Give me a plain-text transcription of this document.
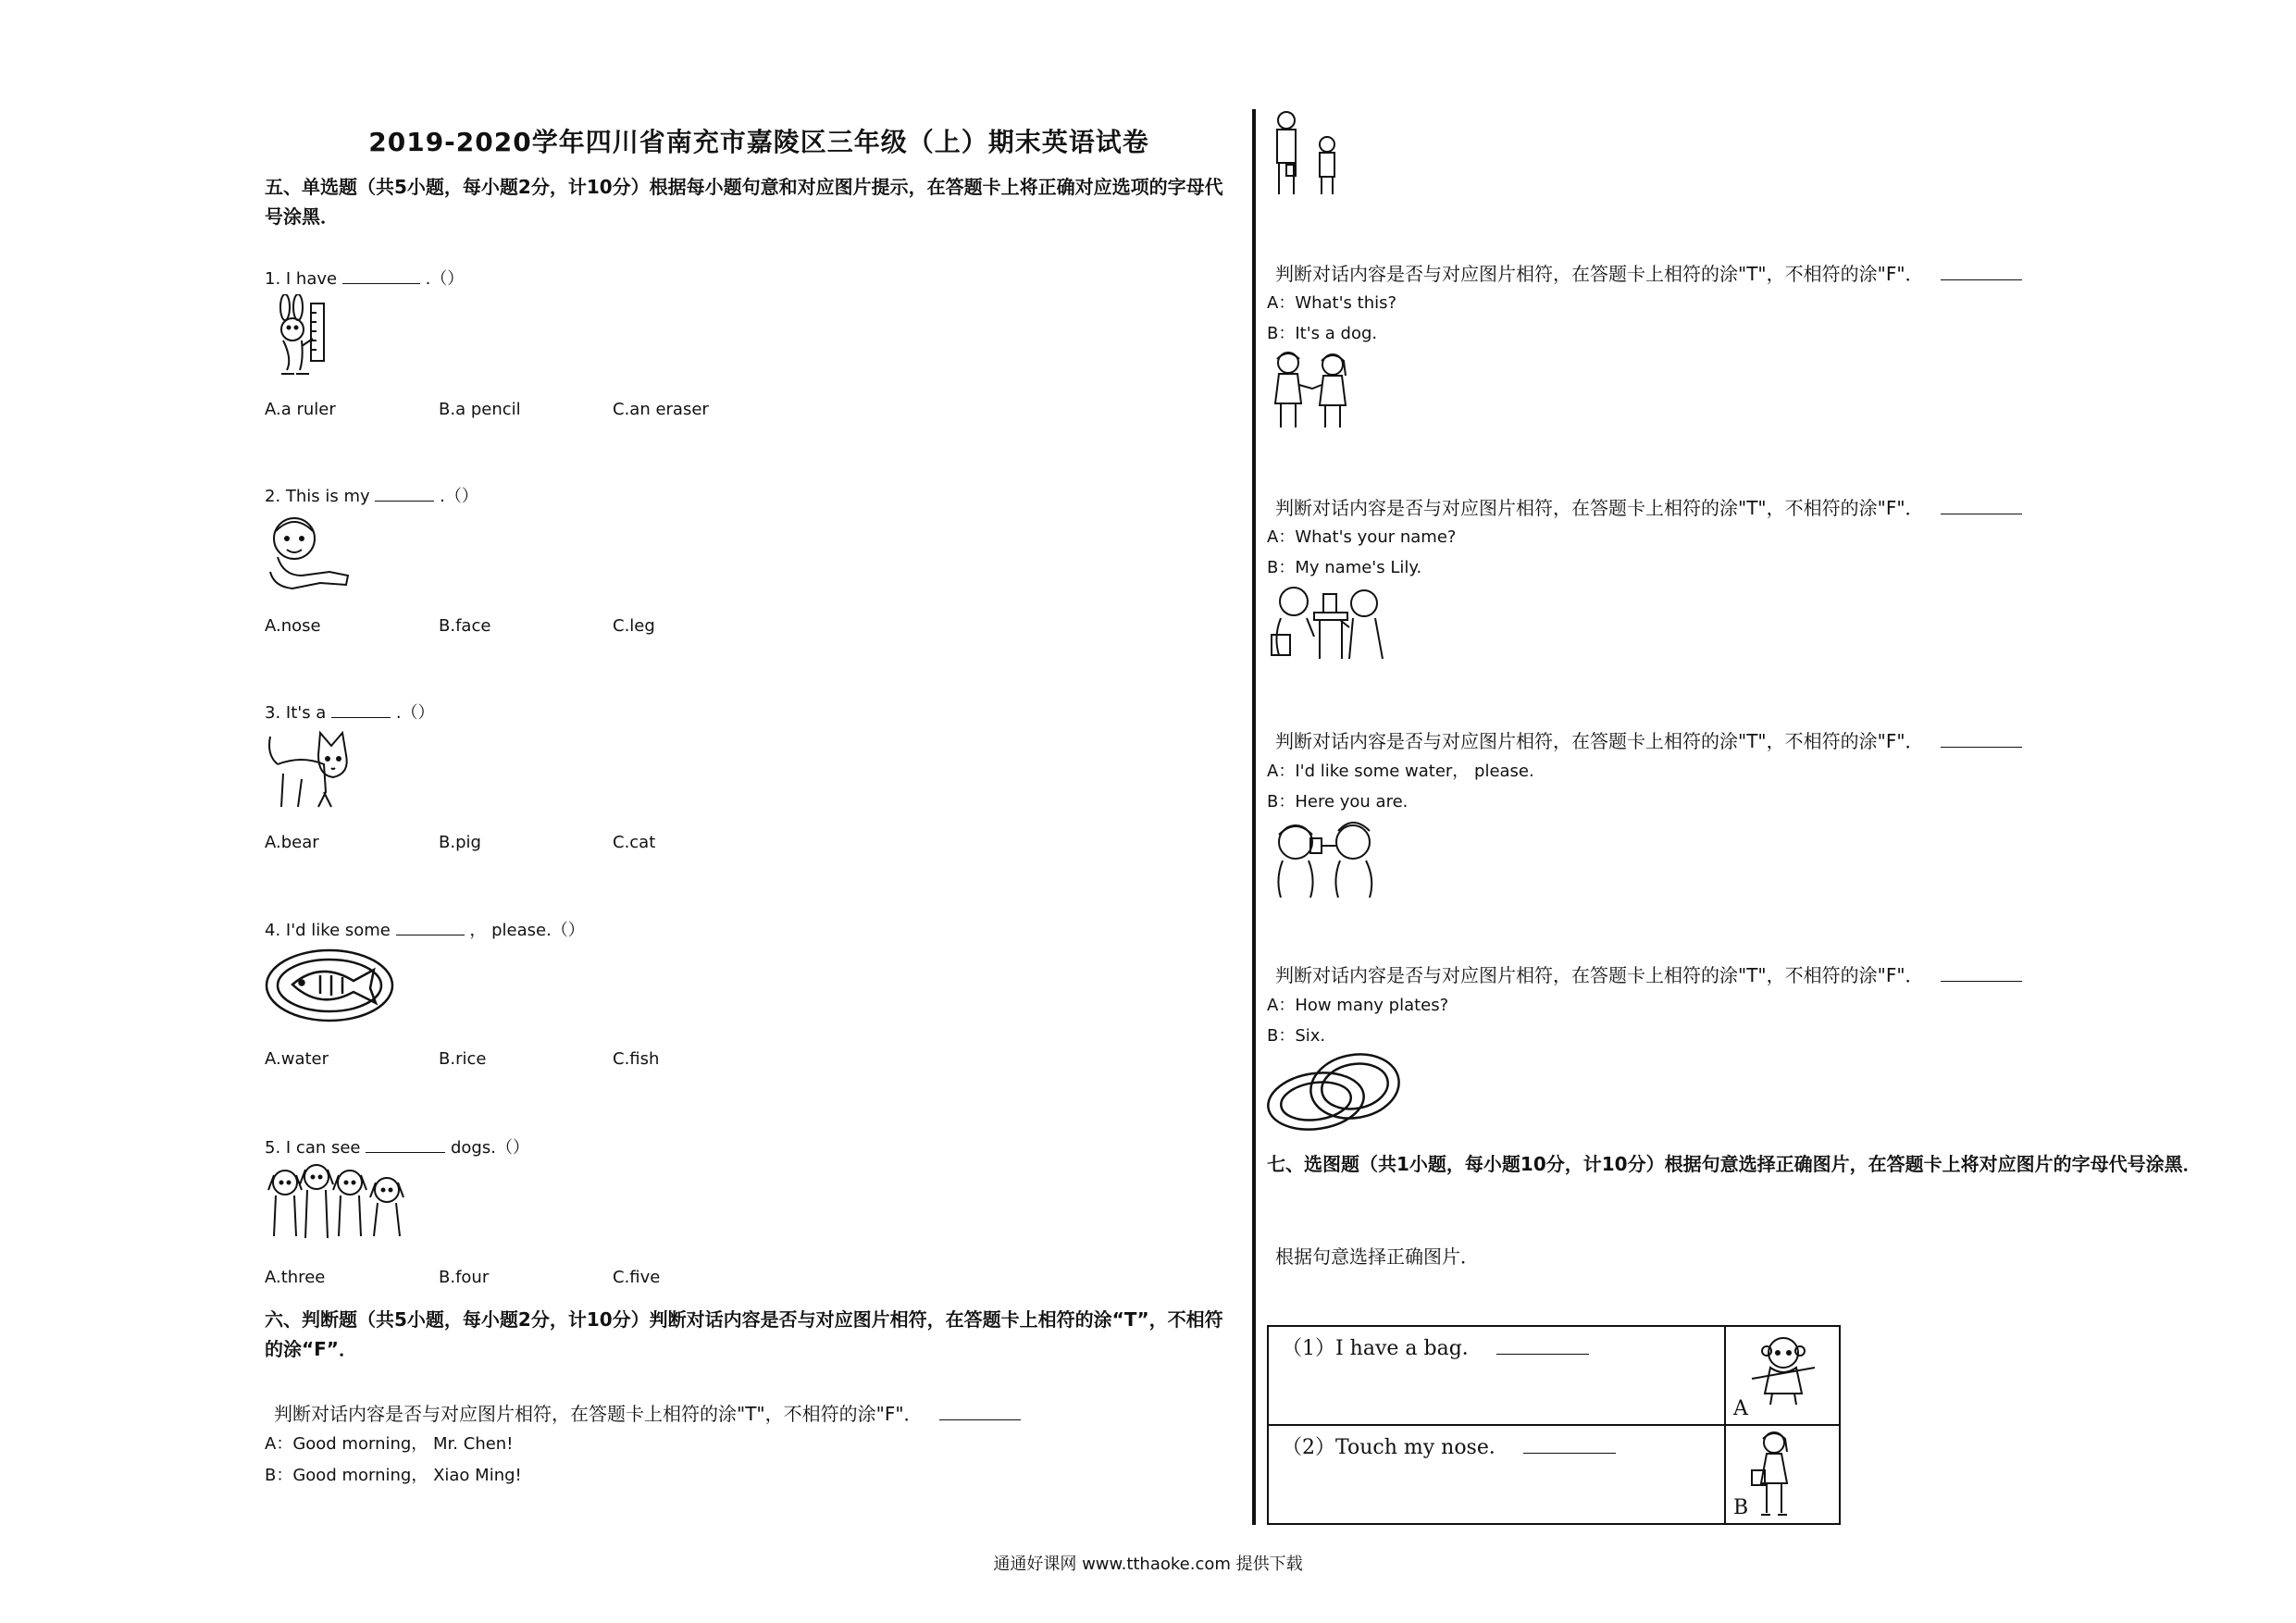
2019-2020学年四川省南充市嘉陵区三年级（上）期末英语试卷
五、单选题（共5小题，每小题2分，计10分）根据每小题句意和对应图片提示，在答题卡上将正确对应选项的字母代号涂黑．
1. I have	.（）
A.a ruler	B.a pencil	C.an eraser
2. This is my	.（）
A.nose	B.face	C.leg
3. It's a	.（）
A.bear	B.pig	C.cat
4. I'd like some	， please.（）
A.water	B.rice	C.fish
5. I can see	dogs.（）
A.three	B.four	C.five
六、判断题（共5小题，每小题2分，计10分）判断对话内容是否与对应图片相符，在答题卡上相符的涂“T”，不相符的涂“F”．
判断对话内容是否与对应图片相符，在答题卡上相符的涂"T"，不相符的涂"F"．
A：Good morning， Mr. Chen!
B：Good morning， Xiao Ming!
判断对话内容是否与对应图片相符，在答题卡上相符的涂"T"，不相符的涂"F"．
A：What's this?
B：It's a dog.
判断对话内容是否与对应图片相符，在答题卡上相符的涂"T"，不相符的涂"F"．
A：What's your name?
B：My name's Lily.
判断对话内容是否与对应图片相符，在答题卡上相符的涂"T"，不相符的涂"F"．
A：I'd like some water， please.
B：Here you are.
判断对话内容是否与对应图片相符，在答题卡上相符的涂"T"，不相符的涂"F"．
A：How many plates?
B：Six.
七、选图题（共1小题，每小题10分，计10分）根据句意选择正确图片，在答题卡上将对应图片的字母代号涂黑．
根据句意选择正确图片．
（1）I have a bag．	A

（2）Touch my nose．	B
通通好课网 www.tthaoke.com 提供下载
